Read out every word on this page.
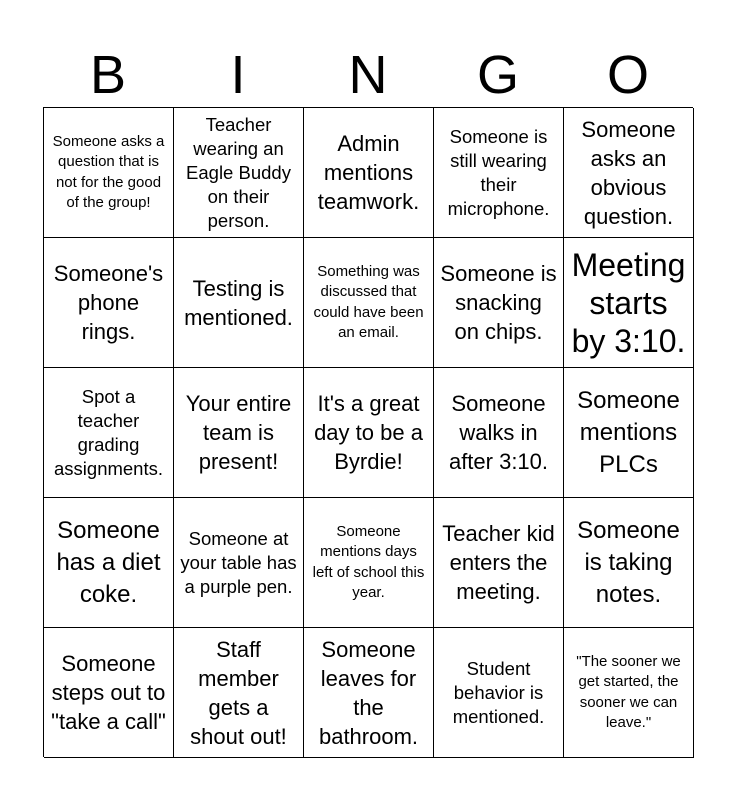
B	I	N	G	O
Someone asks a question that is not for the good of the group!
Teacher wearing an Eagle Buddy on their person.
Admin mentions teamwork.
Someone is still wearing their microphone.
Someone asks an obvious question.
Someone's phone rings.
Testing is mentioned.
Something was discussed that could have been an email.
Someone is snacking on chips.
Meeting starts by 3:10.
Spot a teacher grading assignments.
Your entire team is present!
It's a great day to be a Byrdie!
Someone walks in after 3:10.
Someone mentions PLCs
Someone has a diet coke.
Someone at your table has a purple pen.
Someone mentions days left of school this year.
Teacher kid enters the meeting.
Someone is taking notes.
Someone steps out to "take a call"
Staff member gets a shout out!
Someone leaves for the bathroom.
Student behavior is mentioned.
"The sooner we get started, the sooner we can leave."
